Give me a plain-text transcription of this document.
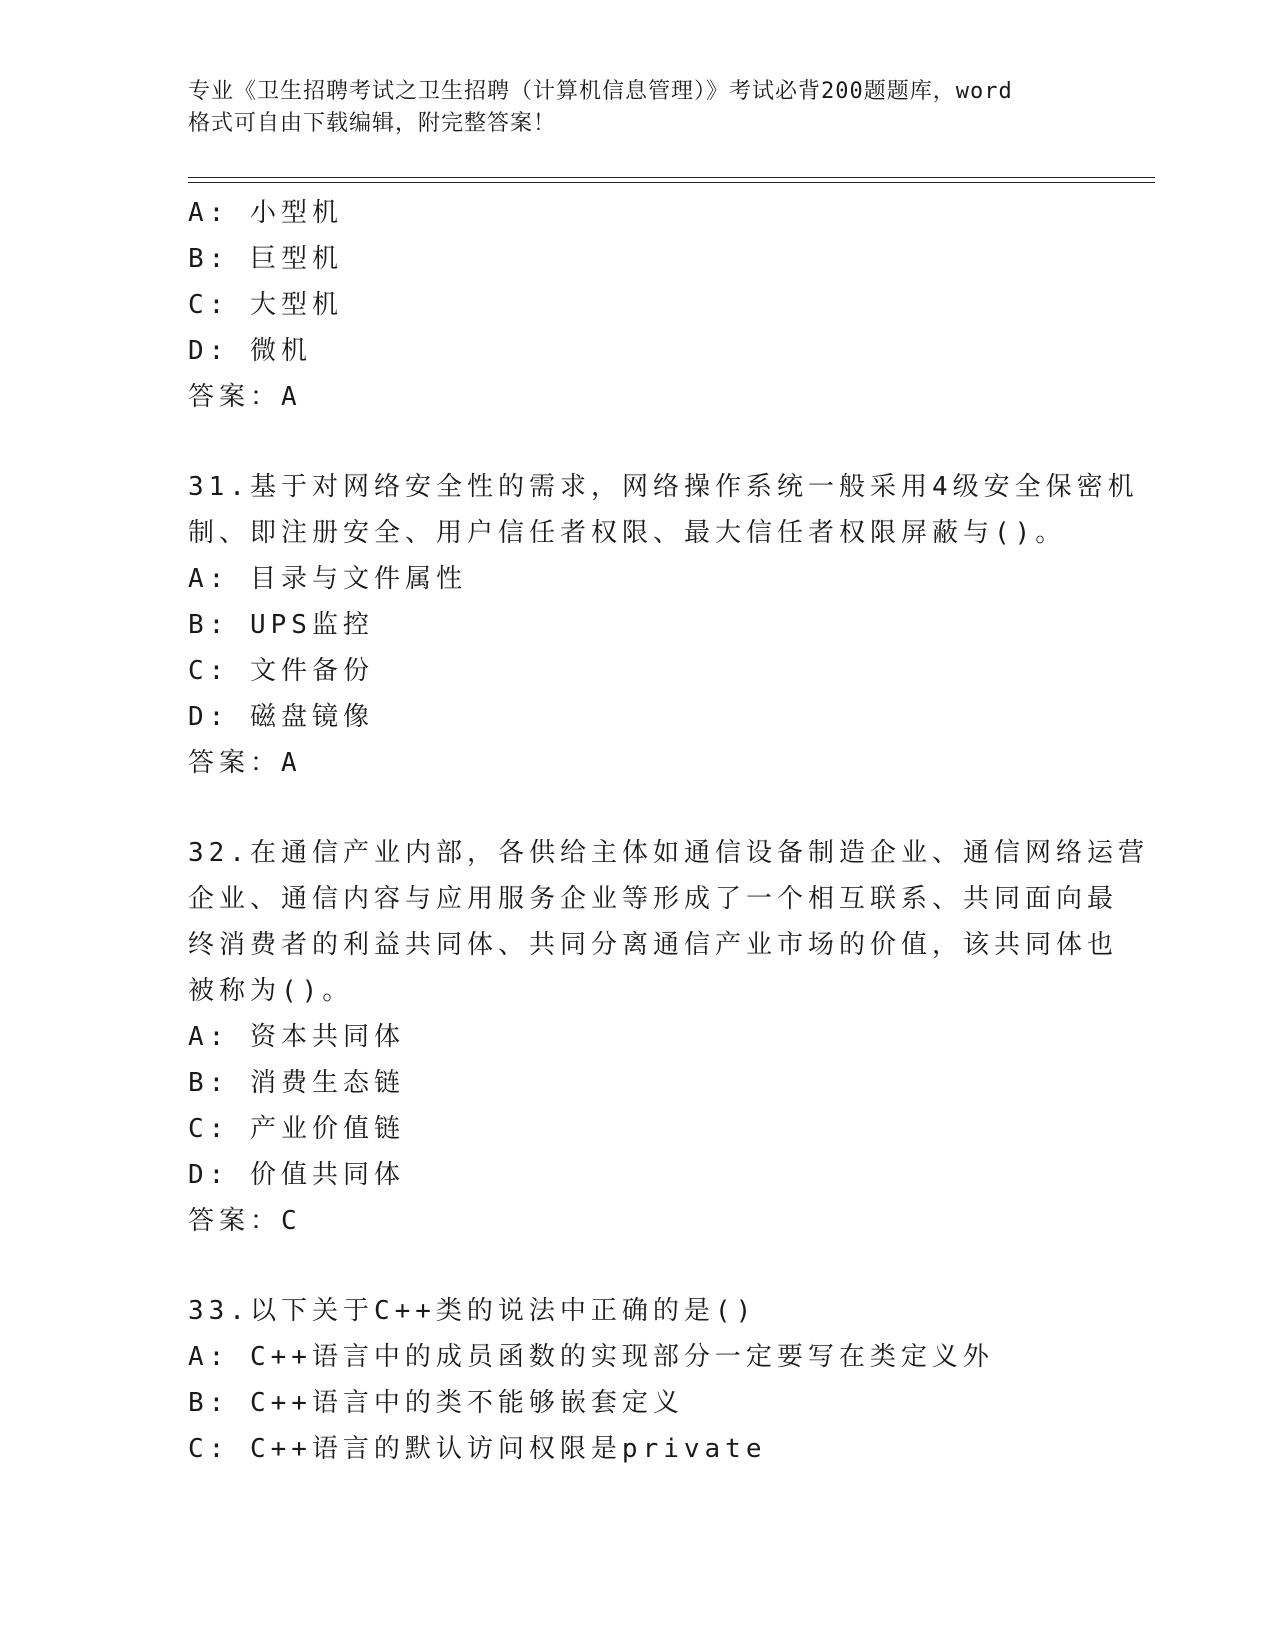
专业《卫生招聘考试之卫生招聘（计算机信息管理）》考试必背200题题库，word
格式可自由下载编辑，附完整答案！
A: 小型机
B: 巨型机
C: 大型机
D: 微机
答案：A
31.基于对网络安全性的需求，网络操作系统一般采用4级安全保密机
制、即注册安全、用户信任者权限、最大信任者权限屏蔽与()。
A: 目录与文件属性
B: UPS监控
C: 文件备份
D: 磁盘镜像
答案：A
32.在通信产业内部，各供给主体如通信设备制造企业、通信网络运营
企业、通信内容与应用服务企业等形成了一个相互联系、共同面向最
终消费者的利益共同体、共同分离通信产业市场的价值，该共同体也
被称为()。
A: 资本共同体
B: 消费生态链
C: 产业价值链
D: 价值共同体
答案：C
33.以下关于C++类的说法中正确的是()
A: C++语言中的成员函数的实现部分一定要写在类定义外
B: C++语言中的类不能够嵌套定义
C: C++语言的默认访问权限是private
